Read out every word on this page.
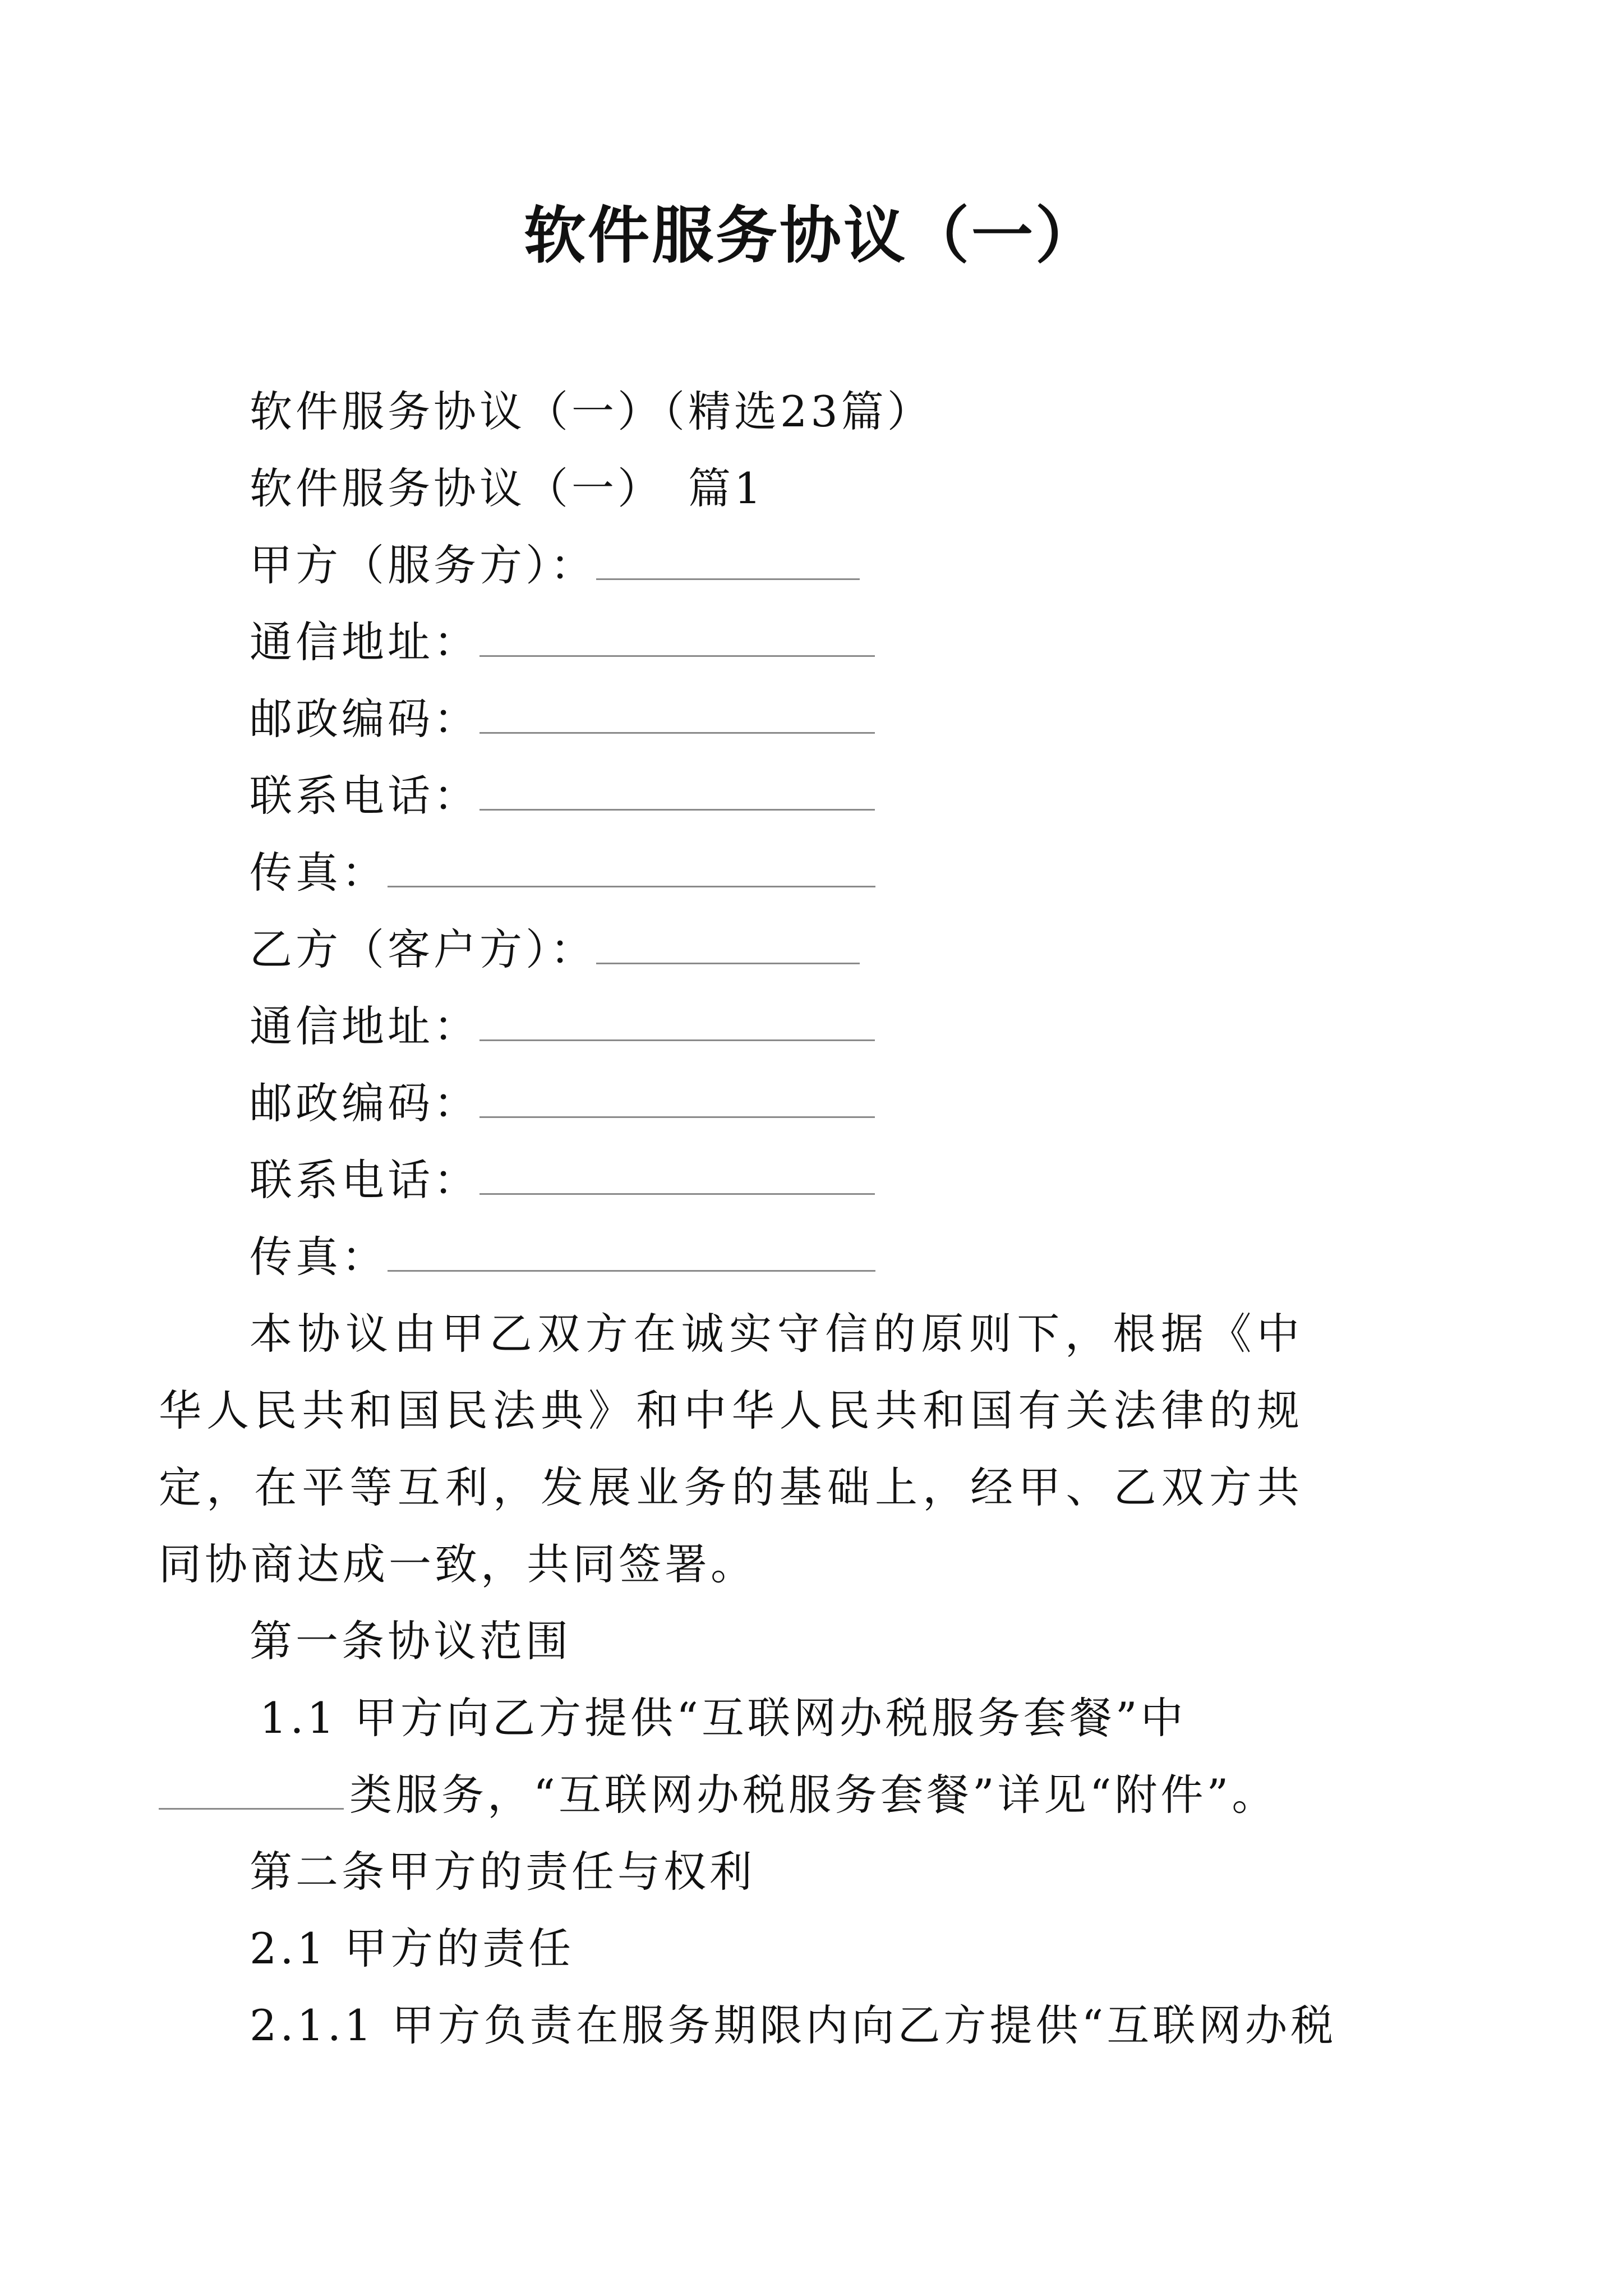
软件服务协议（一）
软件服务协议（一）（精选23篇）
软件服务协议（一）　篇1
甲方（服务方）：
通信地址：
邮政编码：
联系电话：
传真：
乙方（客户方）：
通信地址：
邮政编码：
联系电话：
传真：
本协议由甲乙双方在诚实守信的原则下，根据《中华人民共和国民法典》和中华人民共和国有关法律的规定，在平等互利，发展业务的基础上，经甲、乙双方共同协商达成一致，共同签署。
第一条协议范围
1.1 甲方向乙方提供“互联网办税服务套餐”中
类服务，“互联网办税服务套餐”详见“附件”。
第二条甲方的责任与权利
2.1 甲方的责任
2.1.1 甲方负责在服务期限内向乙方提供“互联网办税
